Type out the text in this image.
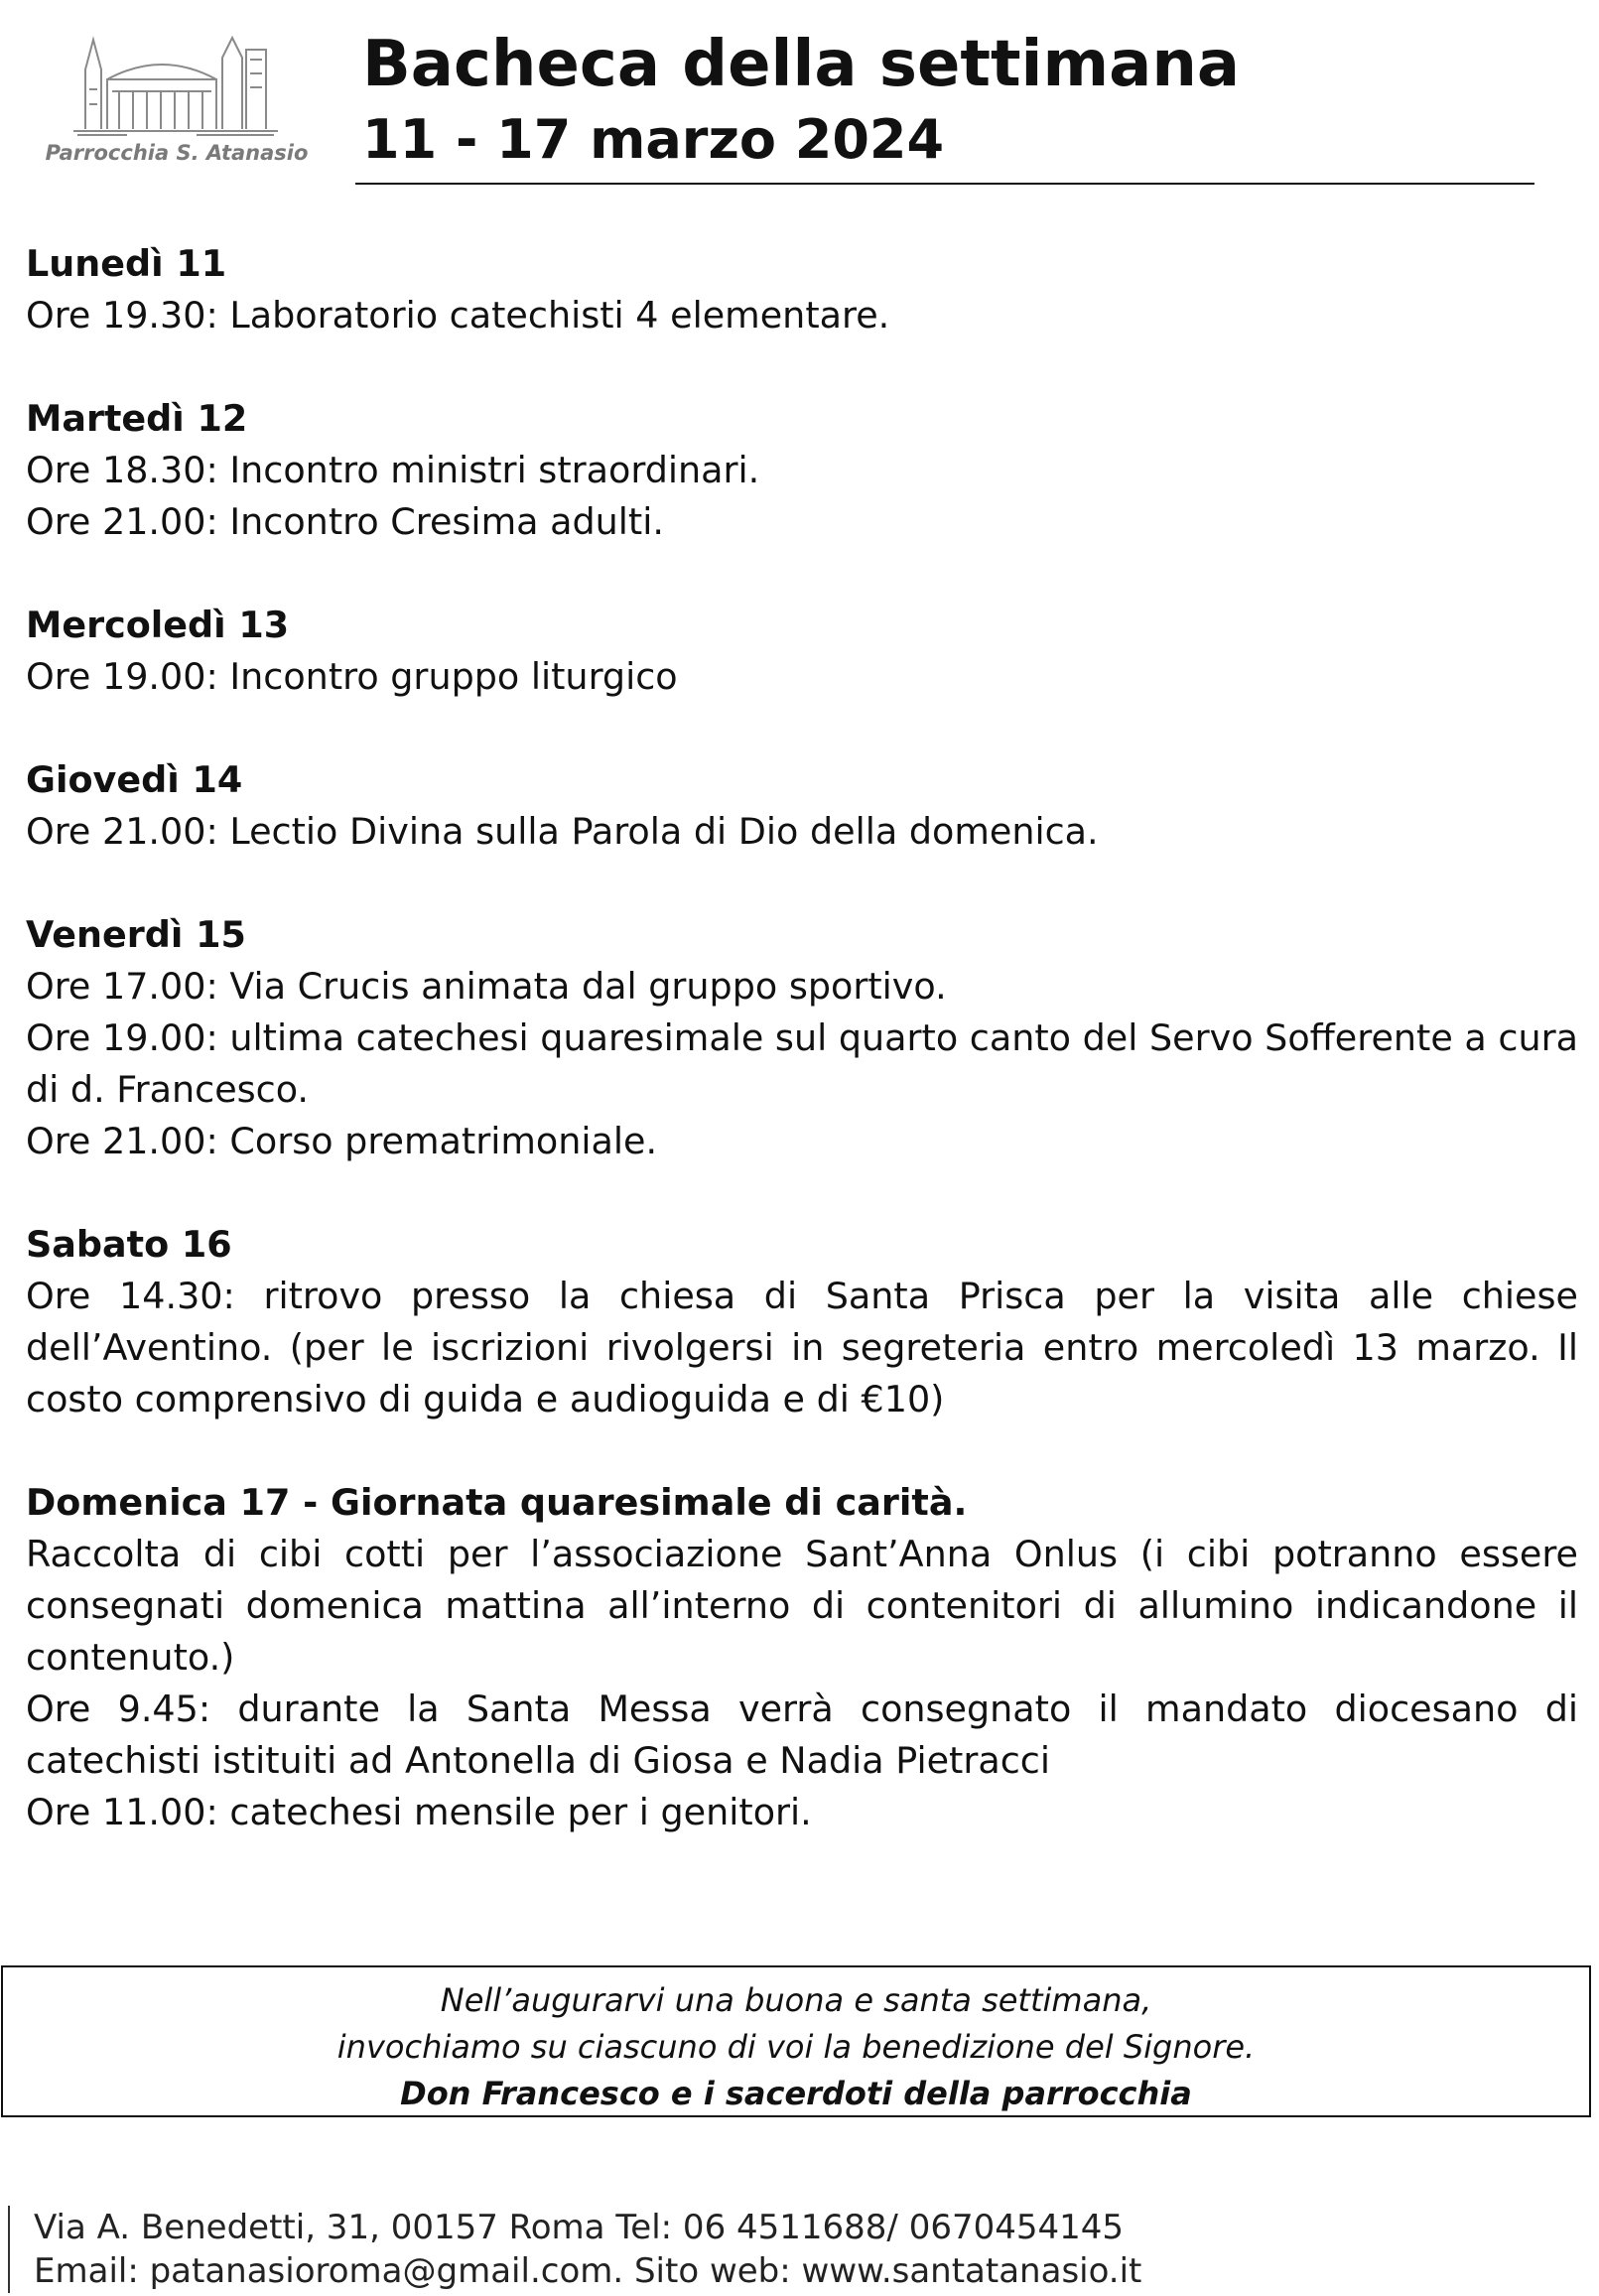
Parrocchia S. Atanasio
Bacheca della settimana
11 - 17 marzo 2024

Lunedì 11

Ore 19.30: Laboratorio catechisti 4 elementare.

Martedì 12

Ore 18.30: Incontro ministri straordinari.

Ore 21.00: Incontro Cresima adulti.

Mercoledì 13

Ore 19.00: Incontro gruppo liturgico

Giovedì 14

Ore 21.00: Lectio Divina sulla Parola di Dio della domenica.

Venerdì 15

Ore 17.00: Via Crucis animata dal gruppo sportivo.

Ore 19.00: ultima catechesi quaresimale sul quarto canto del Servo Sofferente a cura di d. Francesco.

Ore 21.00: Corso prematrimoniale.

Sabato 16

Ore 14.30: ritrovo presso la chiesa di Santa Prisca per la visita alle chiese dell’Aventino. (per le iscrizioni rivolgersi in segreteria entro mercoledì 13 marzo. Il costo comprensivo di guida e audioguida e di €10)

Domenica 17 - Giornata quaresimale di carità.

Raccolta di cibi cotti per l’associazione Sant’Anna Onlus (i cibi potranno essere consegnati domenica mattina all’interno di contenitori di allumino indicandone il contenuto.)

Ore 9.45: durante la Santa Messa verrà consegnato il mandato diocesano di catechisti istituiti ad Antonella di Giosa e Nadia Pietracci

Ore 11.00: catechesi mensile per i genitori.

Nell’augurarvi una buona e santa settimana,
invochiamo su ciascuno di voi la benedizione del Signore.
Don Francesco e i sacerdoti della parrocchia
Via A. Benedetti, 31, 00157 Roma Tel: 06 4511688/ 0670454145
Email: patanasioroma@gmail.com. Sito web: www.santatanasio.it
